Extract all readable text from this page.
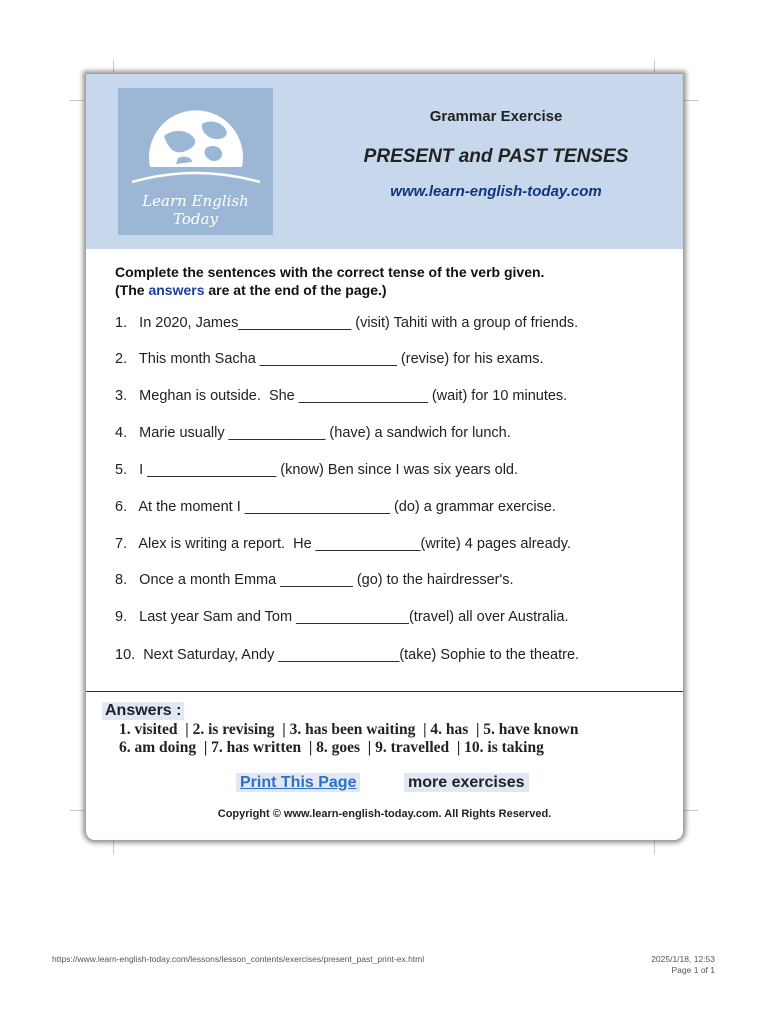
Learn English Today
Grammar Exercise
PRESENT and PAST TENSES
www.learn-english-today.com
Complete the sentences with the correct tense of the verb given.
(The answers are at the end of the page.)
1.   In 2020, James______________ (visit) Tahiti with a group of friends.
2.   This month Sacha _________________ (revise) for his exams.
3.   Meghan is outside.  She ________________ (wait) for 10 minutes.
4.   Marie usually ____________ (have) a sandwich for lunch.
5.   I ________________ (know) Ben since I was six years old.
6.   At the moment I __________________ (do) a grammar exercise.
7.   Alex is writing a report.  He _____________(write) 4 pages already.
8.   Once a month Emma _________ (go) to the hairdresser's.
9.   Last year Sam and Tom ______________(travel) all over Australia.
10.  Next Saturday, Andy _______________(take) Sophie to the theatre.
Answers :
1. visited  | 2. is revising  | 3. has been waiting  | 4. has  | 5. have known
6. am doing  | 7. has written  | 8. goes  | 9. travelled  | 10. is taking
Print This Page	more exercises
Copyright © www.learn-english-today.com. All Rights Reserved.
https://www.learn-english-today.com/lessons/lesson_contents/exercises/present_past_print-ex.html	2025/1/18, 12:53
Page 1 of 1
